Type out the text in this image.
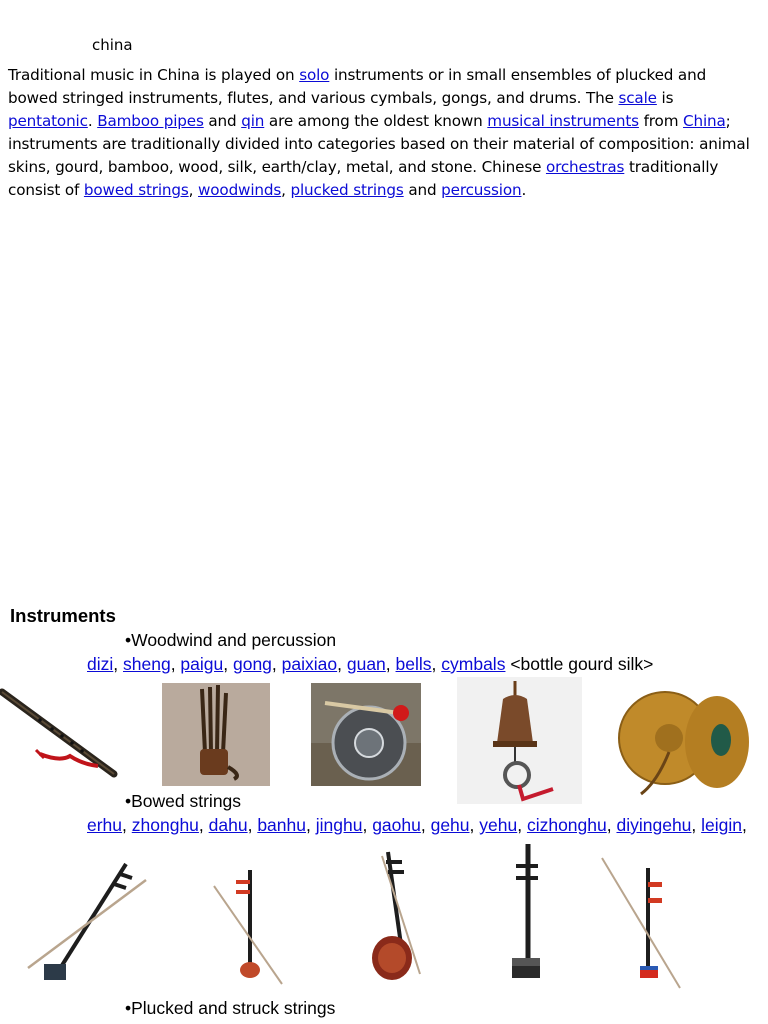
china

Traditional music in China is played on solo instruments or in small ensembles of plucked and bowed stringed instruments, flutes, and various cymbals, gongs, and drums. The scale is pentatonic. Bamboo pipes and qin are among the oldest known musical instruments from China; instruments are traditionally divided into categories based on their material of composition: animal skins, gourd, bamboo, wood, silk, earth/clay, metal, and stone. Chinese orchestras traditionally consist of bowed strings, woodwinds, plucked strings and percussion.

Instruments
•Woodwind and percussion
dizi, sheng, paigu, gong, paixiao, guan, bells, cymbals <bottle gourd silk>
•Bowed strings
erhu, zhonghu, dahu, banhu, jinghu, gaohu, gehu, yehu, cizhonghu, diyingehu, leigin,
•Plucked and struck strings
